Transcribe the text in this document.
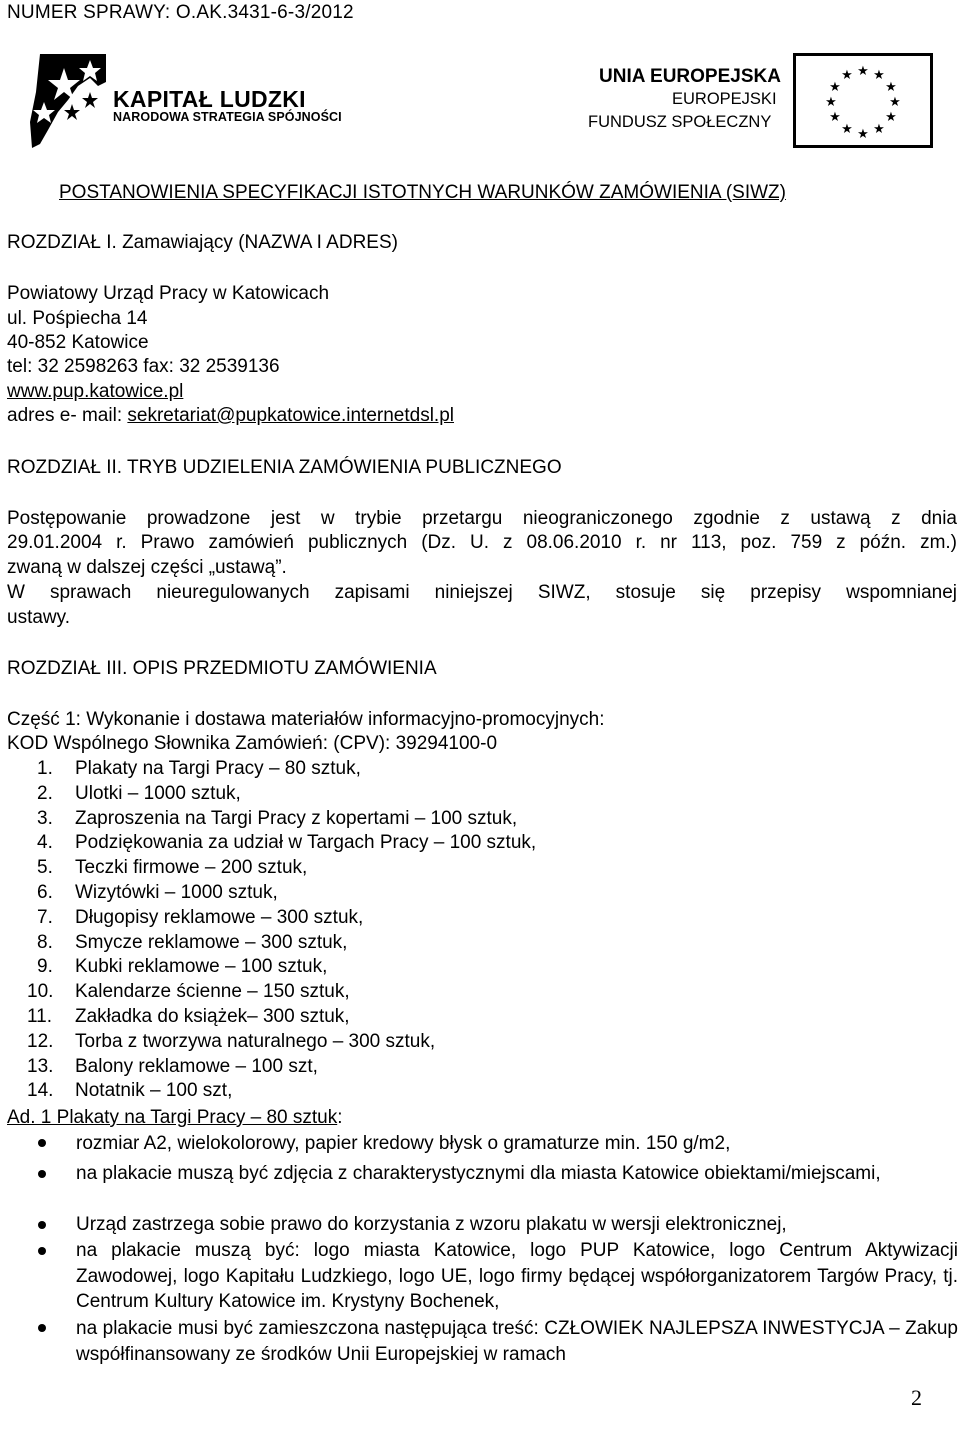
NUMER SPRAWY: O.AK.3431-6-3/2012
KAPITAŁ LUDZKI
NARODOWA STRATEGIA SPÓJNOŚCI
UNIA EUROPEJSKA
EUROPEJSKI
FUNDUSZ SPOŁECZNY
★ ★
★
★
★
★
★
★
★
★
★
★
POSTANOWIENIA SPECYFIKACJI ISTOTNYCH WARUNKÓW ZAMÓWIENIA (SIWZ)
ROZDZIAŁ I. Zamawiający (NAZWA I ADRES)
Powiatowy Urząd Pracy w Katowicach
ul. Pośpiecha 14
40-852 Katowice
tel: 32 2598263 fax: 32 2539136
www.pup.katowice.pl
adres e- mail: sekretariat@pupkatowice.internetdsl.pl
ROZDZIAŁ II. TRYB UDZIELENIA ZAMÓWIENIA PUBLICZNEGO
Postępowanie prowadzone jest w trybie przetargu nieograniczonego zgodnie z ustawą z dnia
29.01.2004 r. Prawo zamówień publicznych (Dz. U. z 08.06.2010 r. nr 113, poz. 759 z późn. zm.)
zwaną w dalszej części „ustawą”.
W sprawach nieuregulowanych zapisami niniejszej SIWZ, stosuje się przepisy wspomnianej
ustawy.
ROZDZIAŁ III. OPIS PRZEDMIOTU ZAMÓWIENIA
Część 1: Wykonanie i dostawa materiałów informacyjno-promocyjnych:
KOD Wspólnego Słownika Zamówień: (CPV): 39294100-0
1. Plakaty na Targi Pracy – 80 sztuk,
2. Ulotki – 1000 sztuk,
3. Zaproszenia na Targi Pracy z kopertami – 100 sztuk,
4. Podziękowania za udział w Targach Pracy – 100 sztuk,
5. Teczki firmowe – 200 sztuk,
6. Wizytówki – 1000 sztuk,
7. Długopisy reklamowe – 300 sztuk,
8. Smycze reklamowe – 300 sztuk,
9. Kubki reklamowe – 100 sztuk,
10. Kalendarze ścienne – 150 sztuk,
11. Zakładka do książek– 300 sztuk,
12. Torba z tworzywa naturalnego – 300 sztuk,
13. Balony reklamowe – 100 szt,
14. Notatnik – 100 szt,
Ad. 1 Plakaty na Targi Pracy – 80 sztuk:
rozmiar A2, wielokolorowy, papier kredowy błysk o gramaturze min. 150 g/m2,
na plakacie muszą być zdjęcia z charakterystycznymi dla miasta Katowice obiektami/miejscami,
Urząd zastrzega sobie prawo do korzystania z wzoru plakatu w wersji elektronicznej,
na plakacie muszą być: logo miasta Katowice, logo PUP Katowice, logo Centrum Aktywizacji Zawodowej, logo Kapitału Ludzkiego, logo UE, logo firmy będącej współorganizatorem Targów Pracy, tj. Centrum Kultury Katowice im. Krystyny Bochenek,
na plakacie musi być zamieszczona następująca treść: CZŁOWIEK NAJLEPSZA INWESTYCJA – Zakup współfinansowany ze środków Unii Europejskiej w ramach
2
